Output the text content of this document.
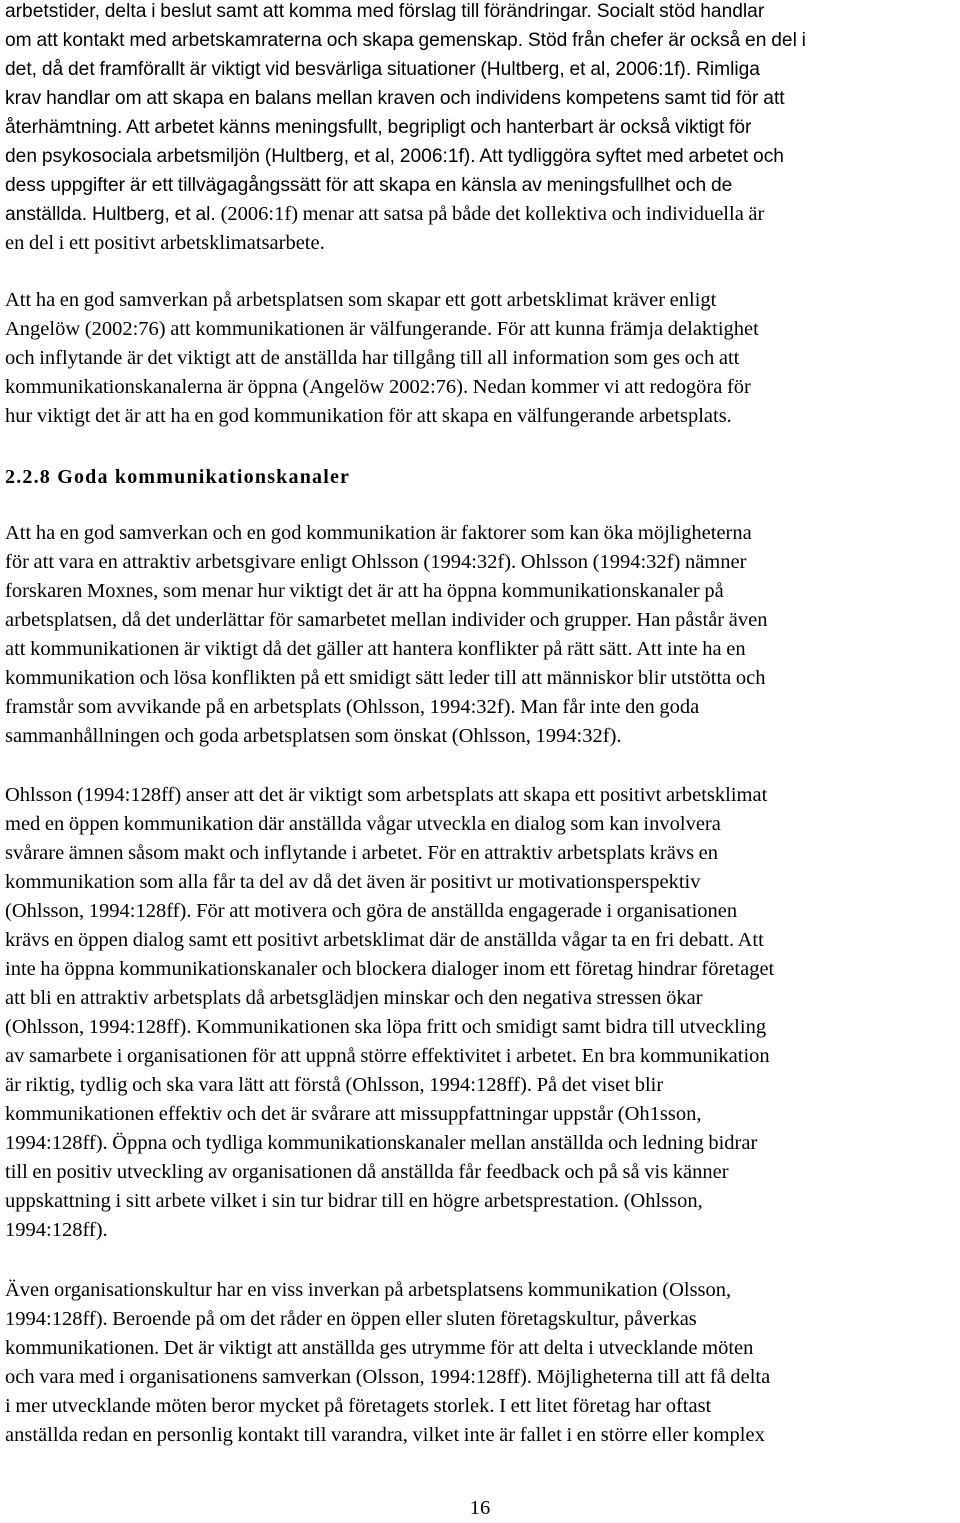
arbetstider, delta i beslut samt att komma med förslag till förändringar. Socialt stöd handlar
om att kontakt med arbetskamraterna och skapa gemenskap. Stöd från chefer är också en del i
det, då det framförallt är viktigt vid besvärliga situationer (Hultberg, et al, 2006:1f). Rimliga
krav handlar om att skapa en balans mellan kraven och individens kompetens samt tid för att
återhämtning. Att arbetet känns meningsfullt, begripligt och hanterbart är också viktigt för
den psykosociala arbetsmiljön (Hultberg, et al, 2006:1f). Att tydliggöra syftet med arbetet och
dess uppgifter är ett tillvägagångssätt för att skapa en känsla av meningsfullhet och de
anställda. Hultberg, et al. (2006:1f) menar att satsa på både det kollektiva och individuella är
en del i ett positivt arbetsklimatsarbete.
Att ha en god samverkan på arbetsplatsen som skapar ett gott arbetsklimat kräver enligt
Angelöw (2002:76) att kommunikationen är välfungerande. För att kunna främja delaktighet
och inflytande är det viktigt att de anställda har tillgång till all information som ges och att
kommunikationskanalerna är öppna (Angelöw 2002:76). Nedan kommer vi att redogöra för
hur viktigt det är att ha en god kommunikation för att skapa en välfungerande arbetsplats.
2.2.8 Goda kommunikationskanaler
Att ha en god samverkan och en god kommunikation är faktorer som kan öka möjligheterna
för att vara en attraktiv arbetsgivare enligt Ohlsson (1994:32f). Ohlsson (1994:32f) nämner
forskaren Moxnes, som menar hur viktigt det är att ha öppna kommunikationskanaler på
arbetsplatsen, då det underlättar för samarbetet mellan individer och grupper. Han påstår även
att kommunikationen är viktigt då det gäller att hantera konflikter på rätt sätt. Att inte ha en
kommunikation och lösa konflikten på ett smidigt sätt leder till att människor blir utstötta och
framstår som avvikande på en arbetsplats (Ohlsson, 1994:32f). Man får inte den goda
sammanhållningen och goda arbetsplatsen som önskat (Ohlsson, 1994:32f).
Ohlsson (1994:128ff) anser att det är viktigt som arbetsplats att skapa ett positivt arbetsklimat
med en öppen kommunikation där anställda vågar utveckla en dialog som kan involvera
svårare ämnen såsom makt och inflytande i arbetet. För en attraktiv arbetsplats krävs en
kommunikation som alla får ta del av då det även är positivt ur motivationsperspektiv
(Ohlsson, 1994:128ff). För att motivera och göra de anställda engagerade i organisationen
krävs en öppen dialog samt ett positivt arbetsklimat där de anställda vågar ta en fri debatt. Att
inte ha öppna kommunikationskanaler och blockera dialoger inom ett företag hindrar företaget
att bli en attraktiv arbetsplats då arbetsglädjen minskar och den negativa stressen ökar
(Ohlsson, 1994:128ff). Kommunikationen ska löpa fritt och smidigt samt bidra till utveckling
av samarbete i organisationen för att uppnå större effektivitet i arbetet. En bra kommunikation
är riktig, tydlig och ska vara lätt att förstå (Ohlsson, 1994:128ff). På det viset blir
kommunikationen effektiv och det är svårare att missuppfattningar uppstår (Oh1sson,
1994:128ff). Öppna och tydliga kommunikationskanaler mellan anställda och ledning bidrar
till en positiv utveckling av organisationen då anställda får feedback och på så vis känner
uppskattning i sitt arbete vilket i sin tur bidrar till en högre arbetsprestation. (Ohlsson,
1994:128ff).
Även organisationskultur har en viss inverkan på arbetsplatsens kommunikation (Olsson,
1994:128ff). Beroende på om det råder en öppen eller sluten företagskultur, påverkas
kommunikationen. Det är viktigt att anställda ges utrymme för att delta i utvecklande möten
och vara med i organisationens samverkan (Olsson, 1994:128ff). Möjligheterna till att få delta
i mer utvecklande möten beror mycket på företagets storlek. I ett litet företag har oftast
anställda redan en personlig kontakt till varandra, vilket inte är fallet i en större eller komplex
16
